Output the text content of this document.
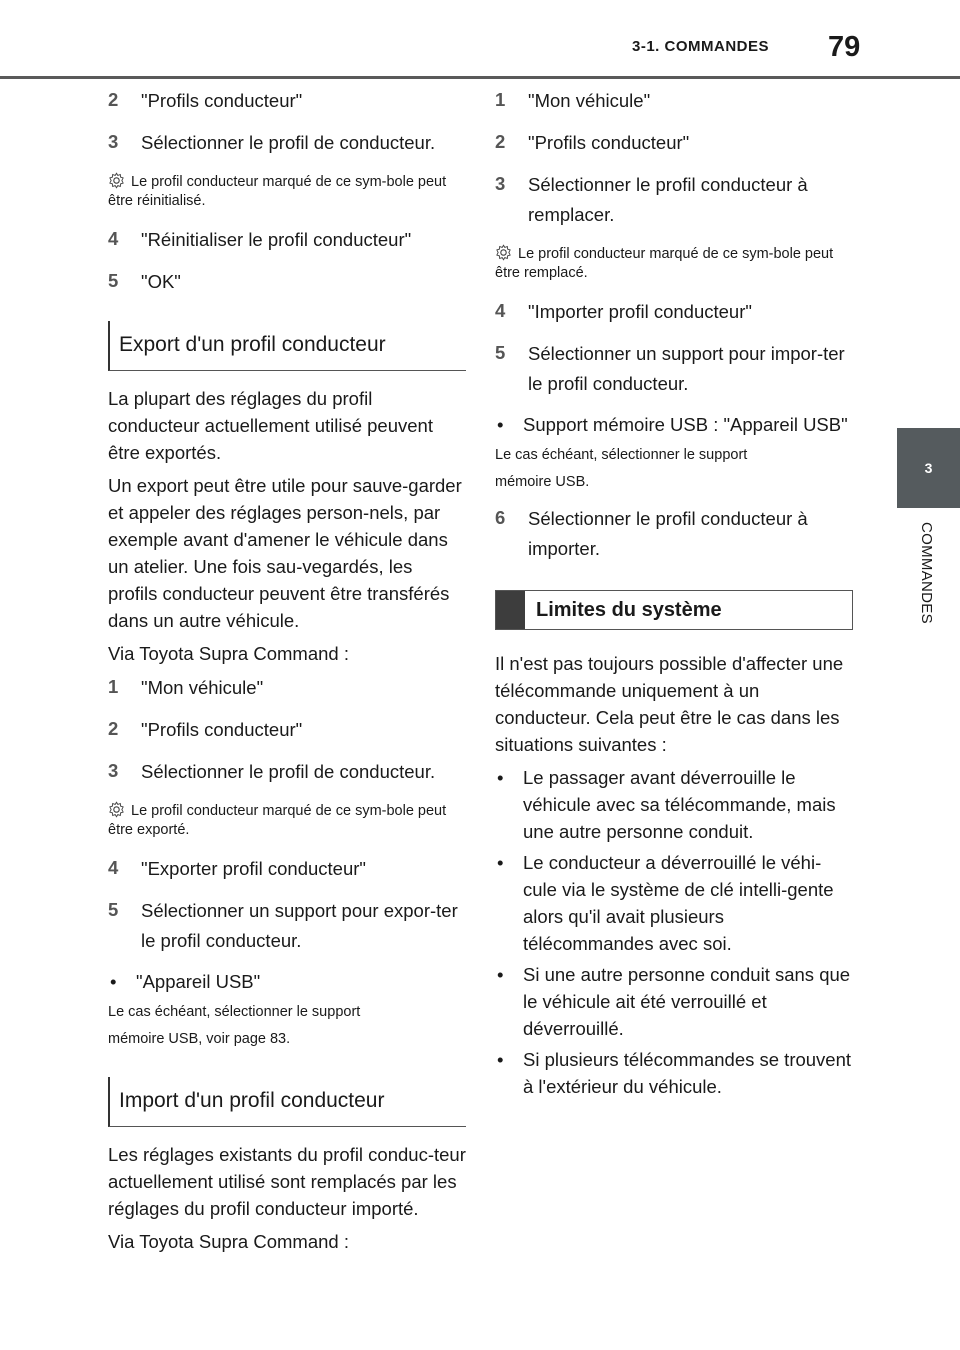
3-1. COMMANDES 79
3
COMMANDES
2	"Profils conducteur"
3	Sélectionner le profil de conducteur.
Le profil conducteur marqué de ce sym-bole peut être réinitialisé.
4	"Réinitialiser le profil conducteur"
5	"OK"
Export d'un profil conducteur
La plupart des réglages du profil conducteur actuellement utilisé peuvent être exportés.
Un export peut être utile pour sauve-garder et appeler des réglages person-nels, par exemple avant d'amener le véhicule dans un atelier. Une fois sau-vegardés, les profils conducteur peuvent être transférés dans un autre véhicule.
Via Toyota Supra Command :
1	"Mon véhicule"
2	"Profils conducteur"
3	Sélectionner le profil de conducteur.
Le profil conducteur marqué de ce sym-bole peut être exporté.
4	"Exporter profil conducteur"
5	Sélectionner un support pour expor-ter le profil conducteur.
•	"Appareil USB"
Le cas échéant, sélectionner le support
mémoire USB, voir page 83.
Import d'un profil conducteur
Les réglages existants du profil conduc-teur actuellement utilisé sont remplacés par les réglages du profil conducteur importé.
Via Toyota Supra Command :
1	"Mon véhicule"
2	"Profils conducteur"
3	Sélectionner le profil conducteur à remplacer.
Le profil conducteur marqué de ce sym-bole peut être remplacé.
4	"Importer profil conducteur"
5	Sélectionner un support pour impor-ter le profil conducteur.
•	Support mémoire USB : "Appareil USB"
Le cas échéant, sélectionner le support
mémoire USB.
6	Sélectionner le profil conducteur à importer.
Limites du système
Il n'est pas toujours possible d'affecter une télécommande uniquement à un conducteur. Cela peut être le cas dans les situations suivantes :
•	Le passager avant déverrouille le véhicule avec sa télécommande, mais une autre personne conduit.
•	Le conducteur a déverrouillé le véhi-cule via le système de clé intelli-gente alors qu'il avait plusieurs télécommandes avec soi.
•	Si une autre personne conduit sans que le véhicule ait été verrouillé et déverrouillé.
•	Si plusieurs télécommandes se trouvent à l'extérieur du véhicule.
